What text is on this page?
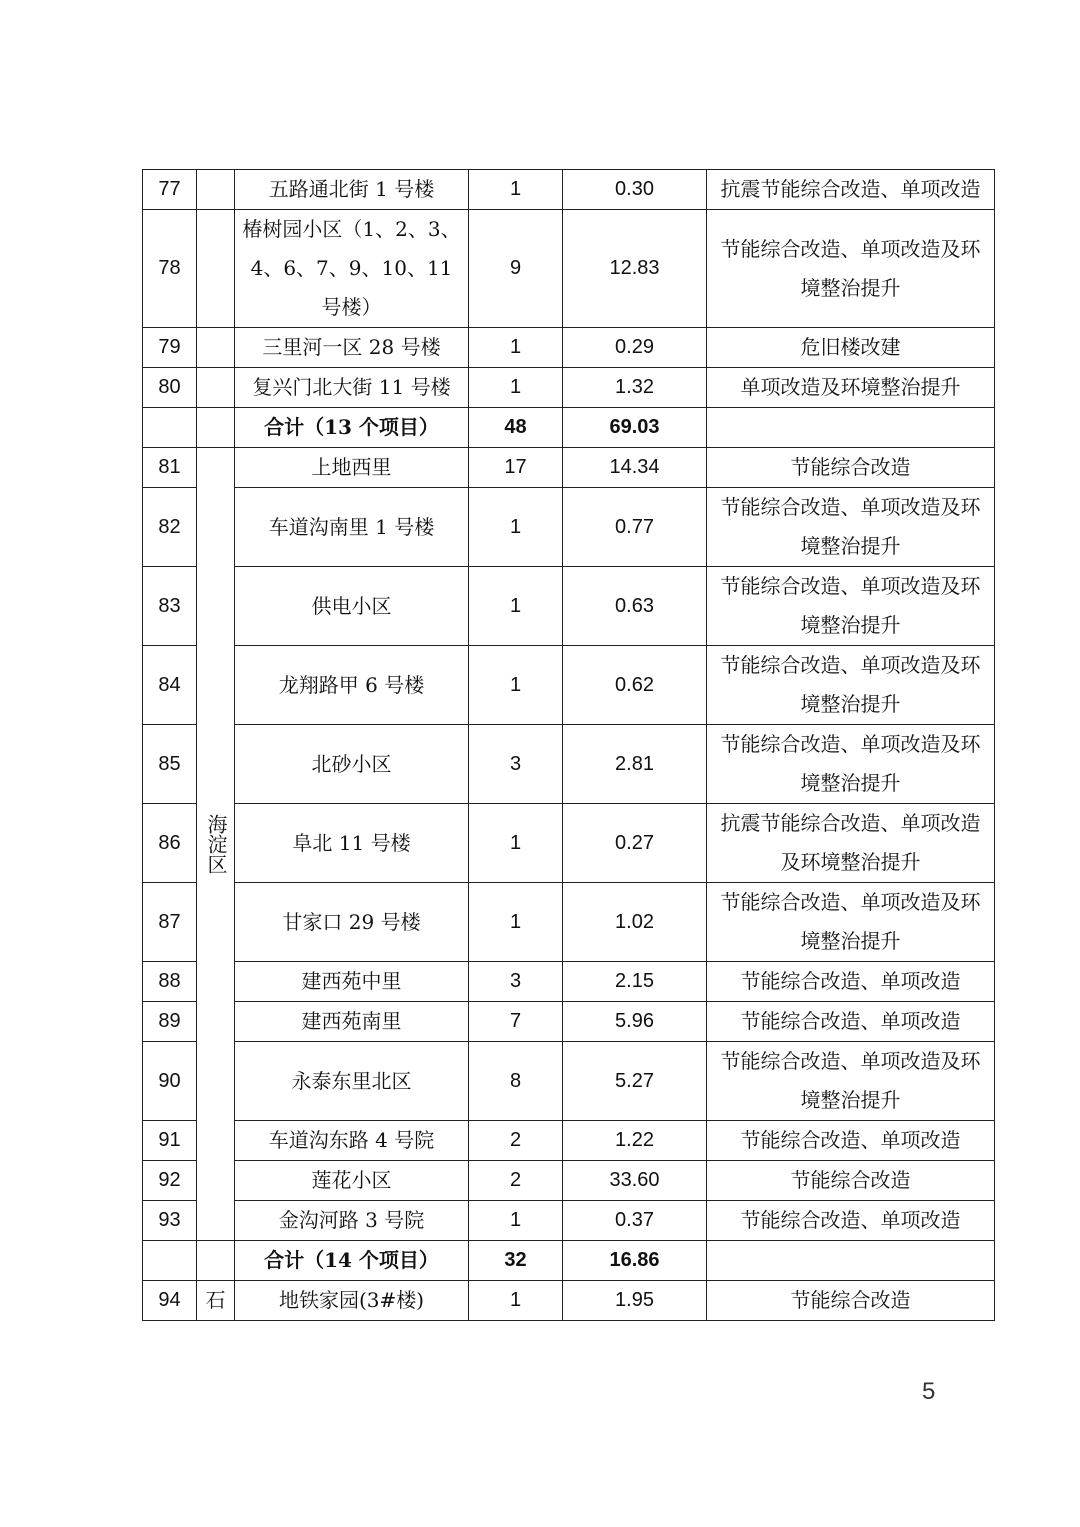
77		五路通北街 1 号楼	1	0.30	抗震节能综合改造、单项改造
78		椿树园小区（1、2、3、4、6、7、9、10、11 号楼）	9	12.83	节能综合改造、单项改造及环境整治提升
79		三里河一区 28 号楼	1	0.29	危旧楼改建
80		复兴门北大街 11 号楼	1	1.32	单项改造及环境整治提升
		合计（13 个项目）	48	69.03	
81	海淀区	上地西里	17	14.34	节能综合改造
82		车道沟南里 1 号楼	1	0.77	节能综合改造、单项改造及环境整治提升
83		供电小区	1	0.63	节能综合改造、单项改造及环境整治提升
84		龙翔路甲 6 号楼	1	0.62	节能综合改造、单项改造及环境整治提升
85		北砂小区	3	2.81	节能综合改造、单项改造及环境整治提升
86		阜北 11 号楼	1	0.27	抗震节能综合改造、单项改造及环境整治提升
87		甘家口 29 号楼	1	1.02	节能综合改造、单项改造及环境整治提升
88		建西苑中里	3	2.15	节能综合改造、单项改造
89		建西苑南里	7	5.96	节能综合改造、单项改造
90		永泰东里北区	8	5.27	节能综合改造、单项改造及环境整治提升
91		车道沟东路 4 号院	2	1.22	节能综合改造、单项改造
92		莲花小区	2	33.60	节能综合改造
93		金沟河路 3 号院	1	0.37	节能综合改造、单项改造
		合计（14 个项目）	32	16.86	
94	石	地铁家园(3#楼)	1	1.95	节能综合改造
5
